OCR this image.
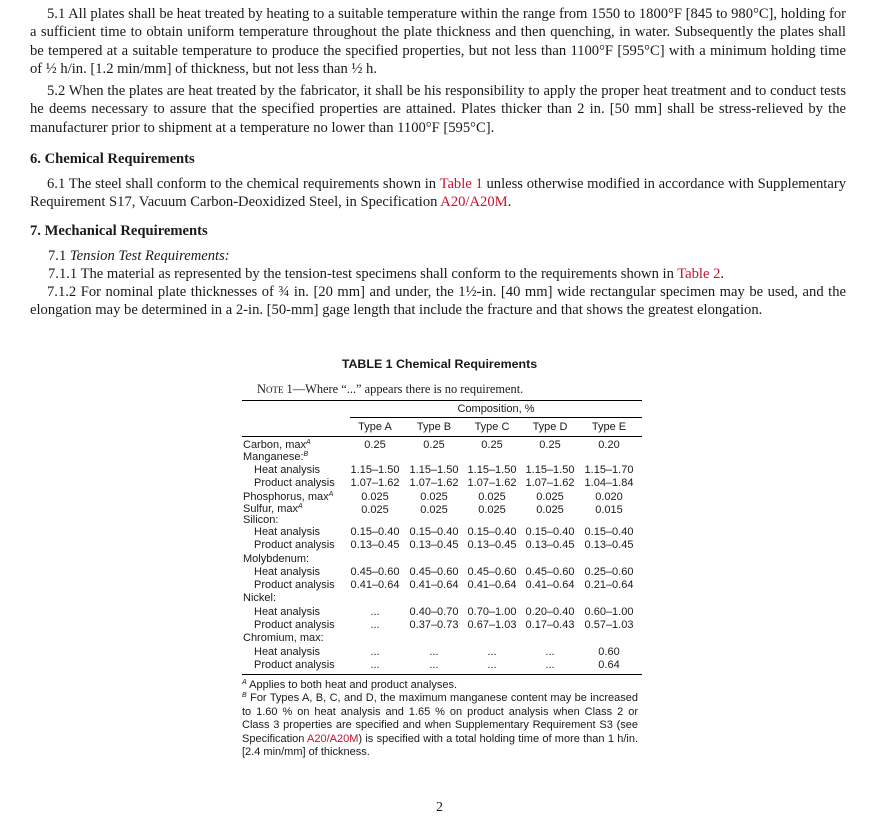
5.1 All plates shall be heat treated by heating to a suitable temperature within the range from 1550 to 1800°F [845 to 980°C], holding for a sufficient time to obtain uniform temperature throughout the plate thickness and then quenching, in water. Subsequently the plates shall be tempered at a suitable temperature to produce the specified properties, but not less than 1100°F [595°C] with a minimum holding time of ½ h/in. [1.2 min/mm] of thickness, but not less than ½ h.

5.2 When the plates are heat treated by the fabricator, it shall be his responsibility to apply the proper heat treatment and to conduct tests he deems necessary to assure that the specified properties are attained. Plates thicker than 2 in. [50 mm] shall be stress-relieved by the manufacturer prior to shipment at a temperature no lower than 1100°F [595°C].

6. Chemical Requirements

6.1 The steel shall conform to the chemical requirements shown in Table 1 unless otherwise modified in accordance with Supplementary Requirement S17, Vacuum Carbon-Deoxidized Steel, in Specification A20/A20M.

7. Mechanical Requirements

7.1 Tension Test Requirements:

7.1.1 The material as represented by the tension-test specimens shall conform to the requirements shown in Table 2.

7.1.2 For nominal plate thicknesses of ¾ in. [20 mm] and under, the 1½-in. [40 mm] wide rectangular specimen may be used, and the elongation may be determined in a 2-in. [50-mm] gage length that include the fracture and that shows the greatest elongation.

TABLE 1 Chemical Requirements
Note 1—Where “...” appears there is no requirement.
Composition, %
Type A	Type B	Type C	Type D	Type E
Carbon, $\max^A$	0.25	0.25	0.25	0.25	0.20
Manganese:$^B$
Heat analysis	1.15–1.50 1.15–1.50 1.15–1.50 1.15–1.50 1.15–1.70
Product analysis	1.07–1.62 1.07–1.62 1.07–1.62 1.07–1.62 1.04–1.84
Phosphorus, $\max^A$	0.025	0.025	0.025	0.025	0.020
Sulfur, $\max^A$	0.025	0.025	0.025	0.025	0.015
Silicon:
Heat analysis	0.15–0.40 0.15–0.40 0.15–0.40 0.15–0.40 0.15–0.40
Product analysis	0.13–0.45 0.13–0.45 0.13–0.45 0.13–0.45 0.13–0.45
Molybdenum:
Heat analysis	0.45–0.60 0.45–0.60 0.45–0.60 0.45–0.60 0.25–0.60
Product analysis	0.41–0.64 0.41–0.64 0.41–0.64 0.41–0.64 0.21–0.64
Nickel:
Heat analysis	...	0.40–0.70 0.70–1.00 0.20–0.40 0.60–1.00
Product analysis	...	0.37–0.73 0.67–1.03 0.17–0.43 0.57–1.03
Chromium, max:
Heat analysis	...	...	...	...	0.60
Product analysis	...	...	...	...	0.64
$^A$ Applies to both heat and product analyses.
$^B$ For Types A, B, C, and D, the maximum manganese content may be increased to 1.60 % on heat analysis and 1.65 % on product analysis when Class 2 or Class 3 properties are specified and when Supplementary Requirement S3 (see Specification A20/A20M) is specified with a total holding time of more than 1 h/in. [2.4 min/mm] of thickness.
2
